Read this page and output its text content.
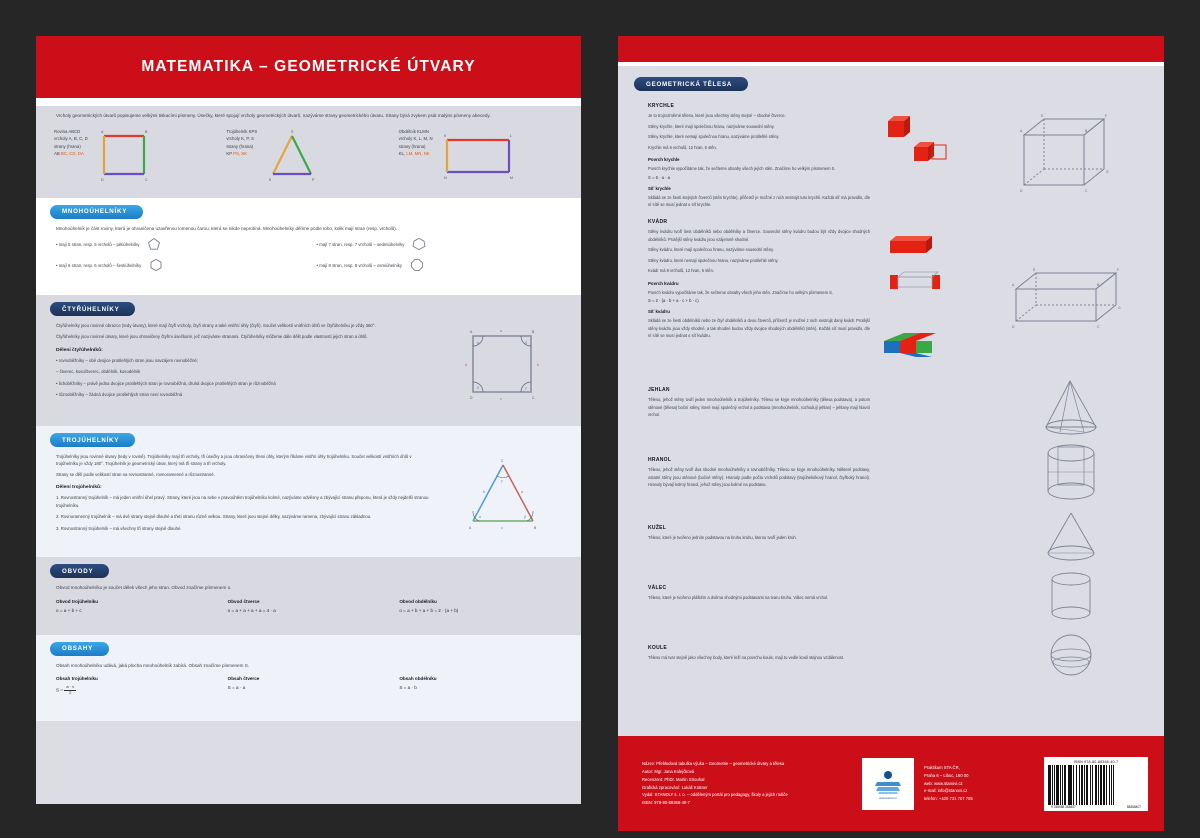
MATEMATIKA – GEOMETRICKÉ ÚTVARY
Vrcholy geometrických útvarů popisujeme velkými tiskacími písmeny. Úsečky, které spojují vrcholy geometrických útvarů, nazýváme strany geometrického útvaru. Strany bývá zvykem psát malými písmeny abecedy.
Rovina ABCD
vrcholy A, B, C, D
strany (hrana)
AB BC, CD, DA
A	B
C
D
Trojúhelník KPS
vrcholy K, P, S
strany (hrana)
KP PS, SK
S
K	P
Obdélník KLMN
vrcholy K, L, M, N
strany (hrana)
KL, LM, MN, NK
K	L
M
N
MNOHOÚHELNÍKY
Mnohoúhelník je část roviny, která je ohraničena uzavřenou lomenou čarou, která se nikde neprotíná. Mnohoúhelníky dělíme podle toho, kolik mají stran (resp. vrcholů).
• mají 5 stran, resp. 5 vrcholů – pětiúhelníky
• mají 6 stran, resp. 6 vrcholů – šestiúhelníky
• mají 7 stran, resp. 7 vrcholů – sedmiúhelníky
• mají 8 stran, resp. 8 vrcholů – osmiúhelníky
ČTYŘÚHELNÍKY
Čtyřúhelníky jsou rovinné obrazce (tedy útvary), které mají čtyři vrcholy, čtyři strany a také vnitřní úhly (čtyři). Součet velikostí vnitřních úhlů ve čtyřúhelníku je vždy 360°.
Čtyřúhelníky jsou rovinné útvary, které jsou ohraničeny čtyřmi úsečkami, jež nazýváme stranami. Čtyřúhelníky můžeme dále dělit podle vlastností jejich stran a úhlů.
Dělení čtyřúhelníků:
• rovnoběžníky – obě dvojice protilehlých stran jsou navzájem rovnoběžné;
– čtverec, kosočtverec, obdélník, kosodélník
• lichoběžníky – právě jedna dvojice protilehlých stran je rovnoběžná, druhá dvojice protilehlých stran je různoběžná
• různoběžníky – žádná dvojice protilehlých stran není rovnoběžná
α	β
γ
δ
A	B
C
D
a
b
c
d
TROJÚHELNÍKY
Trojúhelníky jsou rovinné útvary (tedy v rovině). Trojúhelníky mají tři vrcholy, tři úsečky a jsou ohraničeny třemi úhly, kterým říkáme vnitřní úhly trojúhelníku. Součet velikostí vnitřních úhlů v trojúhelníku je vždy 180°. Trojúhelník je geometrický útvar, který má tři strany a tři vrcholy.
Strany se dělí podle velikostí stran na rovnostranné, rovnoramenné a různostranné.
Dělení trojúhelníků:
1. Rovnostranný trojúhelník – má jeden vnitřní úhel pravý. Strany, které jsou na sebe v pravoúhlém trojúhelníku kolmé, nazýváme odvěsny a zbývající stranu přeponu, která je vždy nejdelší stranou trojúhelníku.
2. Rovnoramenný trojúhelník – má dvě strany stejně dlouhé a třetí stranu různě velkou. Strany, které jsou stejné délky, nazýváme ramena, zbývající stranu základnou.
3. Rovnostranný trojúhelník – má všechny tři strany stejně dlouhé.
C
A	B
γ
α	β
b	a
c
OBVODY
Obvod mnohoúhelníku je součet délek všech jeho stran. Obvod značíme písmenem o.
Obvod trojúhelníku
o = a + b + c
Obvod čtverce
o = a + a + a + a = 4 · a
Obvod obdélníku
o = a + b + a + b = 2 · (a + b)
OBSAHY
Obsah mnohoúhelníku udává, jaká plocha mnohoúhelník zabírá. Obsah značíme písmenem S.
Obsah trojúhelníku
$S = \frac{a \cdot v}{2}$
Obsah čtverce
S = a · a
Obsah obdélníku
S = a · b
GEOMETRICKÁ TĚLESA
KRYCHLE
Je to trojrozměrné těleso, které jsou všechny stěny stejné – shodné čtverce.
Stěny krychle, které mají společnou hranu, nazýváme sousední stěny.
Stěny krychle, které nemají společnou hranu, nazýváme protilehlé stěny.
Krychle má 6 vrcholů, 12 hran, 6 stěn.
Povrch krychle
Povrch krychle vypočítáme tak, že sečteme obsahy všech jejích stěn. Značíme ho velkým písmenem S.
S = 6 · a · a
Síť krychle
Skládá se ze šesti stejných čtverců (stěn krychle), přičemž je možné z nich sestrojit tuto krychli. Každá síť má pravidlo, dle ní sítě se musí jednat o síť krychle.
A	B
E	F
D	C
G
KVÁDR
Stěny kvádru tvoří šest obdélníků nebo obdélníky a čtverce. Sousední stěny kvádru budou být vždy dvojice shodných obdélníků. Protější stěny kvádru jsou vzájemně shodné.
Stěny kvádru, které mají společnou hranu, nazýváme sousední stěny.
Stěny kvádru, které nemají společnou hranu, nazýváme protilehlé stěny.
Kvádr má 8 vrcholů, 12 hran, 6 stěn.
Povrch kvádru
Povrch kvádru vypočítáme tak, že sečteme obsahy všech jeho stěn. Značíme ho velkým písmenem S.
S = 2 · (a · b + a · c + b · c)
Síť kvádru
Skládá se ze šesti obdélníků nebo ze čtyř obdélníků a dvou čtverců, přičemž je možné z nich sestrojit daný kvádr. Protější stěny kvádru jsou vždy shodné, a tak shodné budou vždy dvojice shodných obdélníků (stěn). Každá síť musí pravidlo, dle ní sítě se musí jednat o síť kvádru.
A	B
D	C
E	F
G
JEHLAN
Těleso, jehož stěny tvoří jeden mnohoúhelník a trojúhelníky. Těleso se kryje mnohoúhelníky (tělesa podstava), a potom stěnové (tělesa) boční stěny, které mají společný vrchol a podstava (mnohoúhelník, rozhodují jehlan) – jehlany mají hlavní vrchol.
HRANOL
Těleso, jehož stěny tvoří dva shodné mnohoúhelníky a rovnoběžníky. Těleso se kryje mnohoúhelníky. Některé podstavy, ostatní stěny jsou stěnové (bočné stěny). Hranoly podle počtu vrcholů podstavy (trojúhelníkový hranol, čtyřboký hranol). Hranoly bývají kolmý hranol, jehož stěny jsou kolmé na podstavu.
KUŽEL
Těleso, které je tvořeno jedním podstavou na kruhu kruhu, kterou tvoří jeden kruh.
VÁLEC
Těleso, které je tvořeno pláštěm a dvěma shodnými podstavami na tvaru kruhu. Válec nemá vrchol.
KOULE
Těleso má tvar stejně jako všechny body, které leží na povrchu koule, mají tu vedle kouli stejnou vzdálenost.
Název: Přehledová tabulka výuka – Geometrie – geometrické útvary a tělesa
Autor: Mgr. Jana Kolejčková
Recenzent: PhDr. Martin Strouhal
Grafická zpracování: Lukáš Krätner
Vydal: STANDLY s. r. o. – odděleným portál pro pedagogy, školy a jejich rodiče
ISBN: 978-80-88368-40-7
www.stanovi.cz
Praktikum STA ČR,
Praha 6 – Liboc, 160 00
web: www.stanovi.cz
e-mail: info@stanovi.cz
telefon: +420 731 707 785
ISBN 978-80-88368-40-7
9 788088 368407	88368407
